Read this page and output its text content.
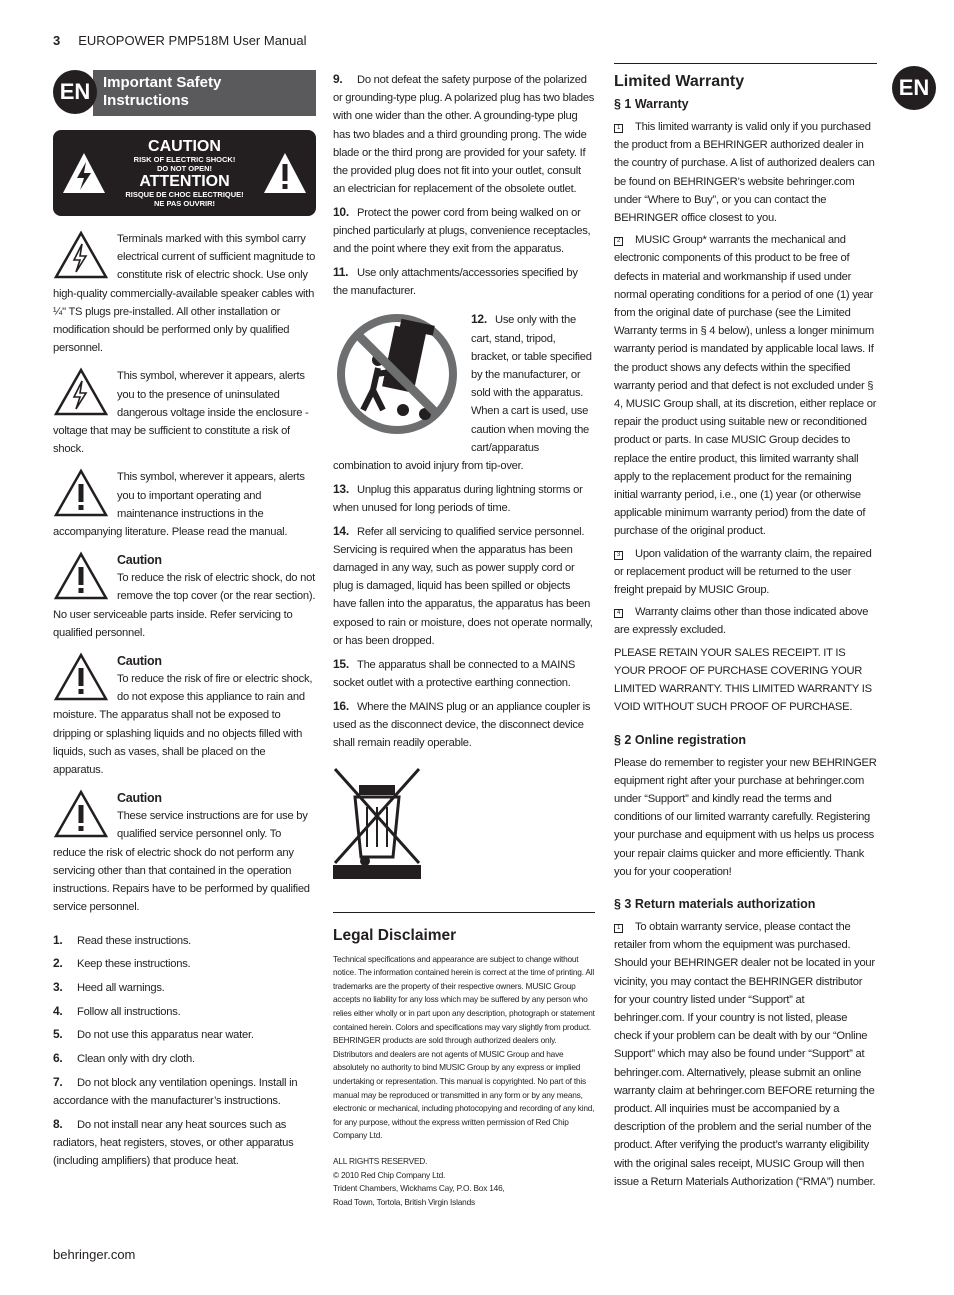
3 EUROPOWER PMP518M User Manual
EN Important Safety Instructions
CAUTION
RISK OF ELECTRIC SHOCK!
DO NOT OPEN!
ATTENTION
RISQUE DE CHOC ELECTRIQUE!
NE PAS OUVRIR!
Terminals marked with this symbol carry electrical current of sufficient magnitude to constitute risk of electric shock. Use only high-quality commercially-available speaker cables with ¼" TS plugs pre-installed. All other installation or modification should be performed only by qualified personnel.
This symbol, wherever it appears, alerts you to the presence of uninsulated dangerous voltage inside the enclosure - voltage that may be sufficient to constitute a risk of shock.
This symbol, wherever it appears, alerts you to important operating and maintenance instructions in the accompanying literature. Please read the manual.
Caution
To reduce the risk of electric shock, do not remove the top cover (or the rear section). No user serviceable parts inside. Refer servicing to qualified personnel.
Caution
To reduce the risk of fire or electric shock, do not expose this appliance to rain and moisture. The apparatus shall not be exposed to dripping or splashing liquids and no objects filled with liquids, such as vases, shall be placed on the apparatus.
Caution
These service instructions are for use by qualified service personnel only. To reduce the risk of electric shock do not perform any servicing other than that contained in the operation instructions. Repairs have to be performed by qualified service personnel.
1. Read these instructions.
2. Keep these instructions.
3. Heed all warnings.
4. Follow all instructions.
5. Do not use this apparatus near water.
6. Clean only with dry cloth.
7. Do not block any ventilation openings. Install in accordance with the manufacturer’s instructions.
8. Do not install near any heat sources such as radiators, heat registers, stoves, or other apparatus (including amplifiers) that produce heat.
9. Do not defeat the safety purpose of the polarized or grounding-type plug. A polarized plug has two blades with one wider than the other. A grounding-type plug has two blades and a third grounding prong. The wide blade or the third prong are provided for your safety. If the provided plug does not fit into your outlet, consult an electrician for replacement of the obsolete outlet.
10. Protect the power cord from being walked on or pinched particularly at plugs, convenience receptacles, and the point where they exit from the apparatus.
11. Use only attachments/accessories specified by the manufacturer.
12. Use only with the cart, stand, tripod, bracket, or table specified by the manufacturer, or sold with the apparatus. When a cart is used, use caution when moving the cart/apparatus combination to avoid injury from tip-over.
13. Unplug this apparatus during lightning storms or when unused for long periods of time.
14. Refer all servicing to qualified service personnel. Servicing is required when the apparatus has been damaged in any way, such as power supply cord or plug is damaged, liquid has been spilled or objects have fallen into the apparatus, the apparatus has been exposed to rain or moisture, does not operate normally, or has been dropped.
15. The apparatus shall be connected to a MAINS socket outlet with a protective earthing connection.
16. Where the MAINS plug or an appliance coupler is used as the disconnect device, the disconnect device shall remain readily operable.
Legal Disclaimer
Technical specifications and appearance are subject to change without notice. The information contained herein is correct at the time of printing. All trademarks are the property of their respective owners. MUSIC Group accepts no liability for any loss which may be suffered by any person who relies either wholly or in part upon any description, photograph or statement contained herein. Colors and specifications may vary slightly from product. BEHRINGER products are sold through authorized dealers only. Distributors and dealers are not agents of MUSIC Group and have absolutely no authority to bind MUSIC Group by any express or implied undertaking or representation. This manual is copyrighted. No part of this manual may be reproduced or transmitted in any form or by any means, electronic or mechanical, including photocopying and recording of any kind, for any purpose, without the express written permission of Red Chip Company Ltd.
ALL RIGHTS RESERVED.
© 2010 Red Chip Company Ltd.
Trident Chambers, Wickhams Cay, P.O. Box 146,
Road Town, Tortola, British Virgin Islands
Limited Warranty
§ 1 Warranty
1 This limited warranty is valid only if you purchased the product from a BEHRINGER authorized dealer in the country of purchase. A list of authorized dealers can be found on BEHRINGER’s website behringer.com under “Where to Buy”, or you can contact the BEHRINGER office closest to you.
2 MUSIC Group* warrants the mechanical and electronic components of this product to be free of defects in material and workmanship if used under normal operating conditions for a period of one (1) year from the original date of purchase (see the Limited Warranty terms in § 4 below), unless a longer minimum warranty period is mandated by applicable local laws. If the product shows any defects within the specified warranty period and that defect is not excluded under § 4, MUSIC Group shall, at its discretion, either replace or repair the product using suitable new or reconditioned product or parts. In case MUSIC Group decides to replace the entire product, this limited warranty shall apply to the replacement product for the remaining initial warranty period, i.e., one (1) year (or otherwise applicable minimum warranty period) from the date of purchase of the original product.
3 Upon validation of the warranty claim, the repaired or replacement product will be returned to the user freight prepaid by MUSIC Group.
4 Warranty claims other than those indicated above are expressly excluded.
PLEASE RETAIN YOUR SALES RECEIPT. IT IS YOUR PROOF OF PURCHASE COVERING YOUR LIMITED WARRANTY. THIS LIMITED WARRANTY IS VOID WITHOUT SUCH PROOF OF PURCHASE.
§ 2 Online registration
Please do remember to register your new BEHRINGER equipment right after your purchase at behringer.com under “Support” and kindly read the terms and conditions of our limited warranty carefully. Registering your purchase and equipment with us helps us process your repair claims quicker and more efficiently. Thank you for your cooperation!
§ 3 Return materials authorization
1 To obtain warranty service, please contact the retailer from whom the equipment was purchased. Should your BEHRINGER dealer not be located in your vicinity, you may contact the BEHRINGER distributor for your country listed under “Support” at behringer.com. If your country is not listed, please check if your problem can be dealt with by our “Online Support” which may also be found under “Support” at behringer.com. Alternatively, please submit an online warranty claim at behringer.com BEFORE returning the product. All inquiries must be accompanied by a description of the problem and the serial number of the product. After verifying the product’s warranty eligibility with the original sales receipt, MUSIC Group will then issue a Return Materials Authorization (“RMA”) number.
EN
behringer.com
